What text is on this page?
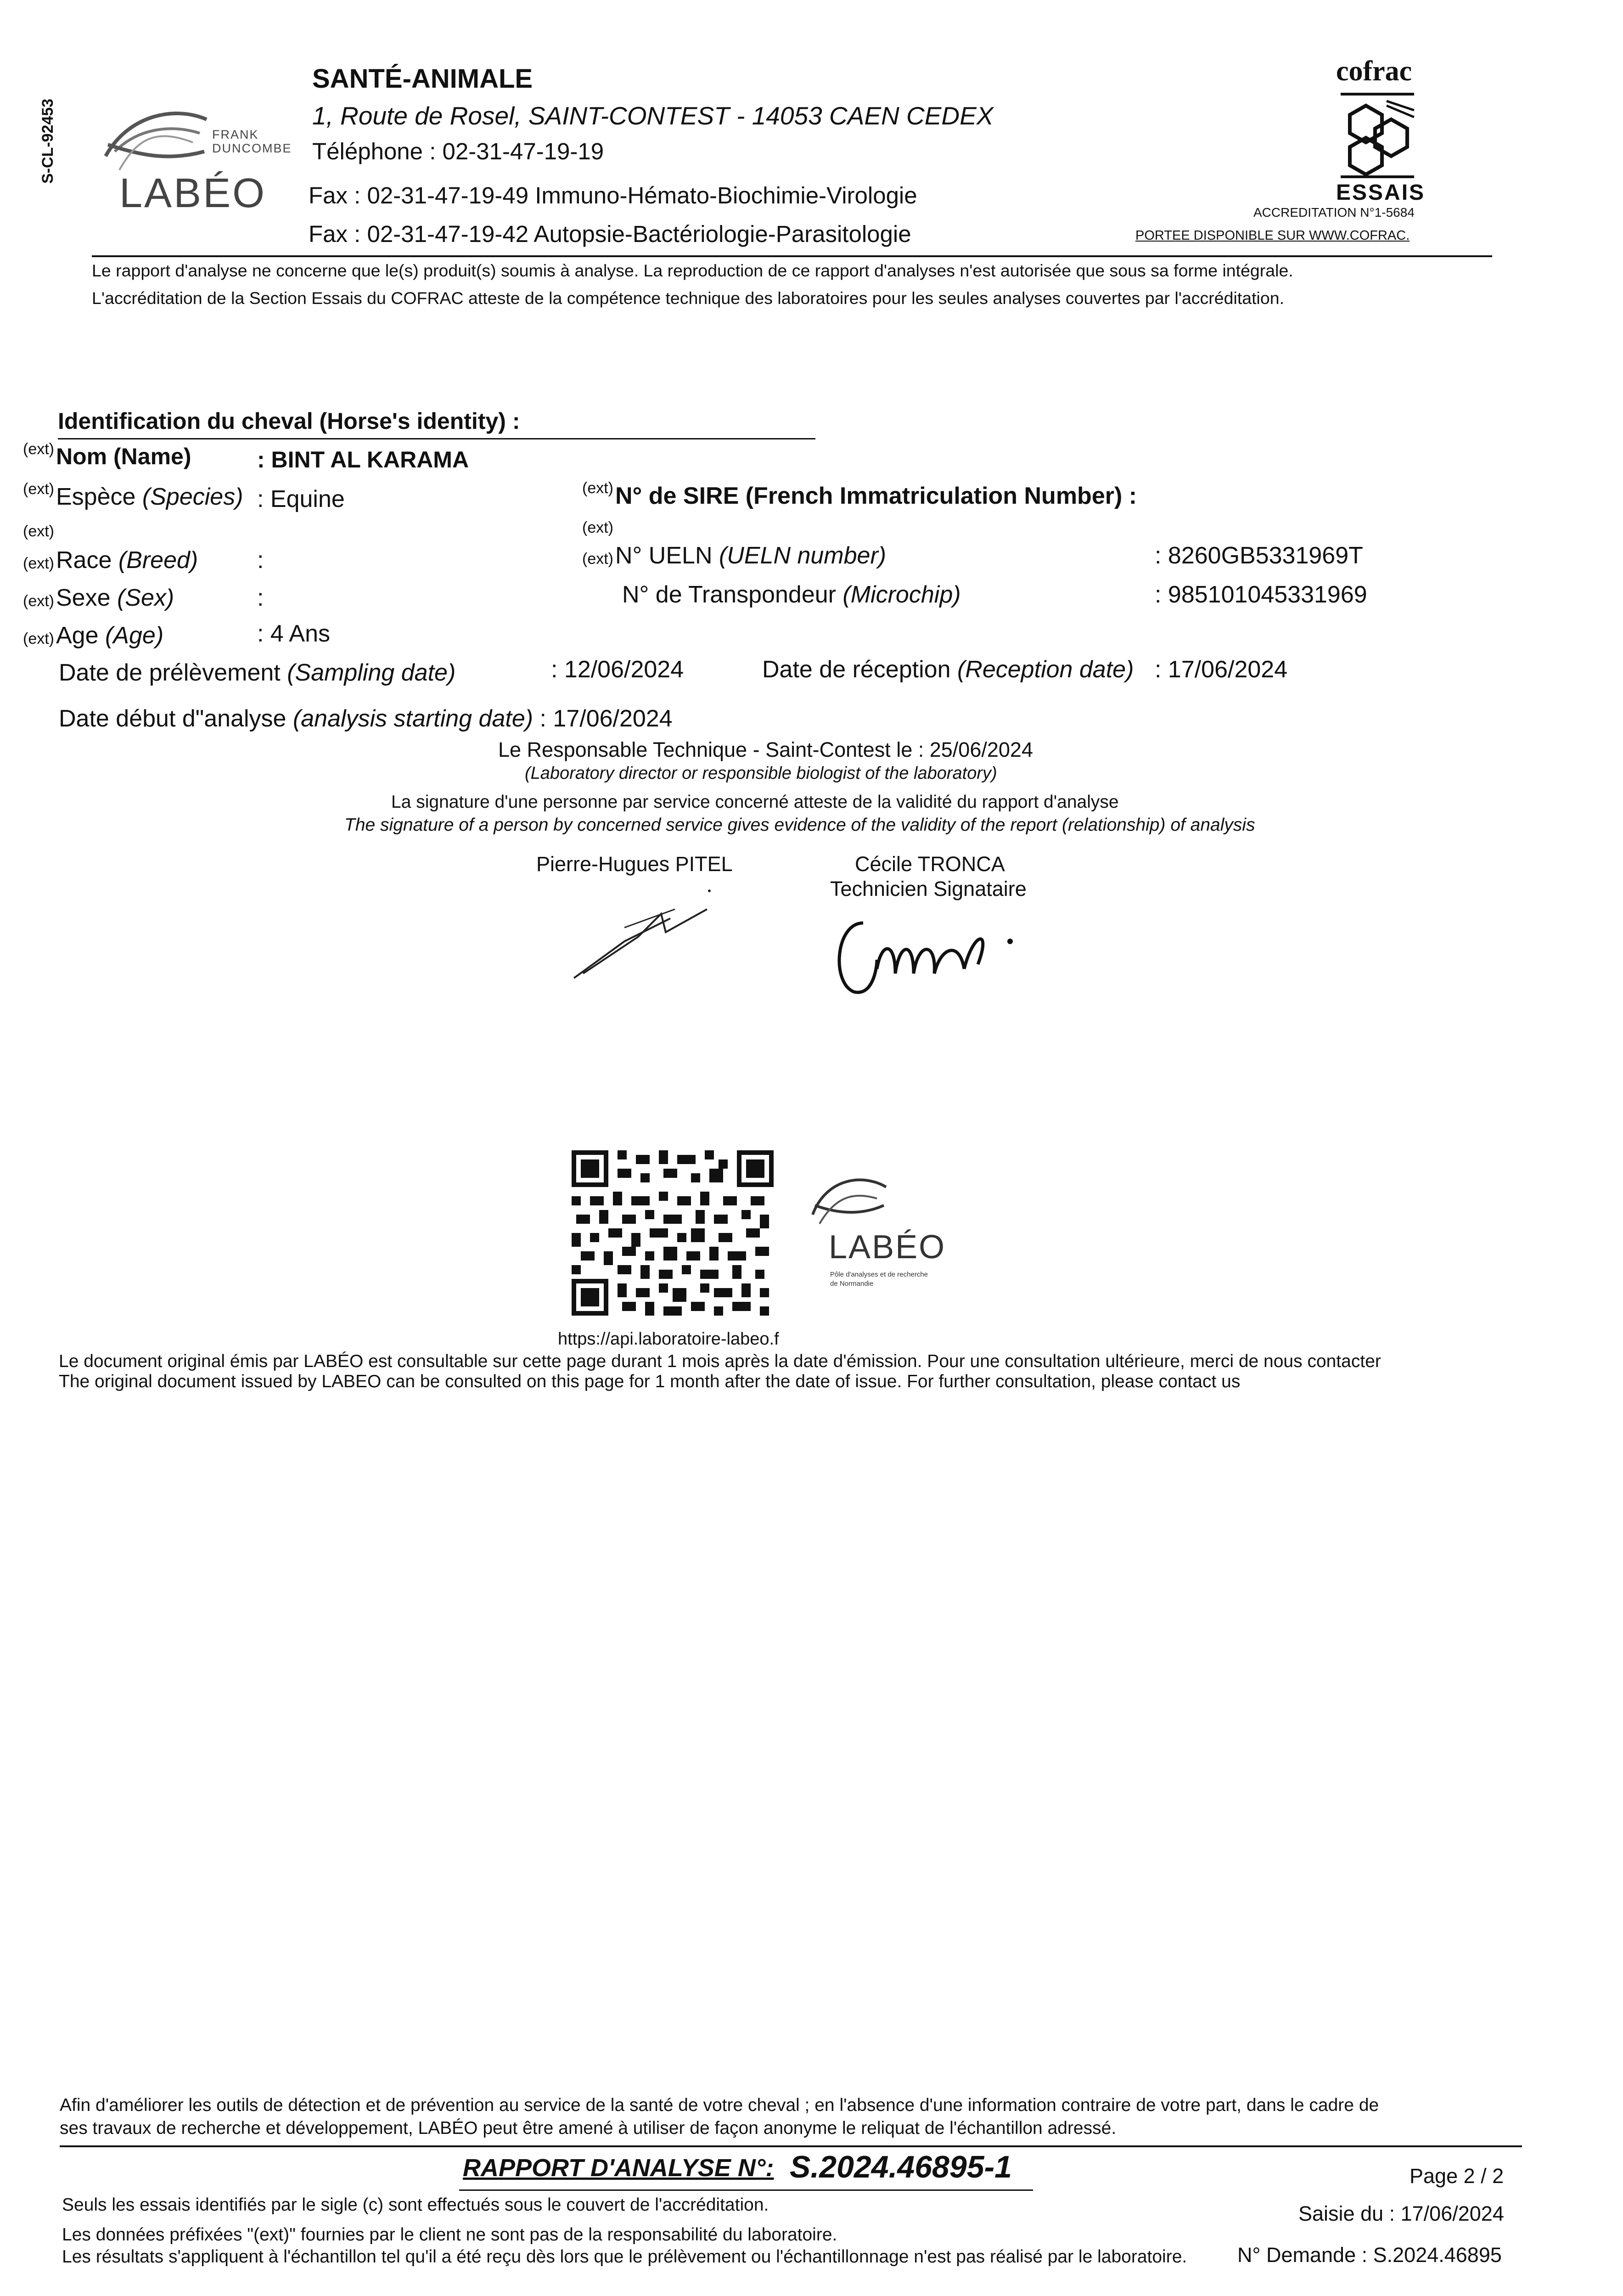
S-CL-92453	FRANK
DUNCOMBE
LABÉO
SANTÉ-ANIMALE
1, Route de Rosel, SAINT-CONTEST - 14053 CAEN CEDEX
Téléphone : 02-31-47-19-19
Fax : 02-31-47-19-49 Immuno-Hémato-Biochimie-Virologie
Fax : 02-31-47-19-42 Autopsie-Bactériologie-Parasitologie
cofrac
ESSAIS
ACCREDITATION N°1-5684
PORTEE DISPONIBLE SUR WWW.COFRAC.
Le rapport d'analyse ne concerne que le(s) produit(s) soumis à analyse. La reproduction de ce rapport d'analyses n'est autorisée que sous sa forme intégrale.
L'accréditation de la Section Essais du COFRAC atteste de la compétence technique des laboratoires pour les seules analyses couvertes par l'accréditation.
Identification du cheval (Horse's identity) :
$^{(ext)}$Nom (Name)	: BINT AL KARAMA
$^{(ext)}$Espèce (Species) : Equine
(ext)
$^{(ext)}$Race (Breed) :
$^{(ext)}$Sexe (Sex)	:
$^{(ext)}$Age (Age)	: 4 Ans
$^{(ext)}$N° de SIRE (French Immatriculation Number) :
(ext)
$^{(ext)}$N° UELN (UELN number)	: 8260GB5331969T
N° de Transpondeur (Microchip)	: 985101045331969
Date de prélèvement (Sampling date)	: 12/06/2024	Date de réception (Reception date) : 17/06/2024
Date début d"analyse (analysis starting date) : 17/06/2024
Le Responsable Technique - Saint-Contest le : 25/06/2024
(Laboratory director or responsible biologist of the laboratory)
La signature d'une personne par service concerné atteste de la validité du rapport d'analyse
The signature of a person by concerned service gives evidence of the validity of the report (relationship) of analysis
Pierre-Hugues PITEL	Cécile TRONCA
Technicien Signataire
LABÉO
Pôle d'analyses et de recherche
de Normandie
https://api.laboratoire-labeo.f
Le document original émis par LABÉO est consultable sur cette page durant 1 mois après la date d'émission. Pour une consultation ultérieure, merci de nous contacter
The original document issued by LABEO can be consulted on this page for 1 month after the date of issue. For further consultation, please contact us
Afin d'améliorer les outils de détection et de prévention au service de la santé de votre cheval ; en l'absence d'une information contraire de votre part, dans le cadre de
ses travaux de recherche et développement, LABÉO peut être amené à utiliser de façon anonyme le reliquat de l'échantillon adressé.
RAPPORT D'ANALYSE N°: S.2024.46895-1	Page 2 / 2
Seuls les essais identifiés par le sigle (c) sont effectués sous le couvert de l'accréditation.	Saisie du : 17/06/2024
Les données préfixées "(ext)" fournies par le client ne sont pas de la responsabilité du laboratoire.
Les résultats s'appliquent à l'échantillon tel qu'il a été reçu dès lors que le prélèvement ou l'échantillonnage n'est pas réalisé par le laboratoire. N° Demande : S.2024.46895
